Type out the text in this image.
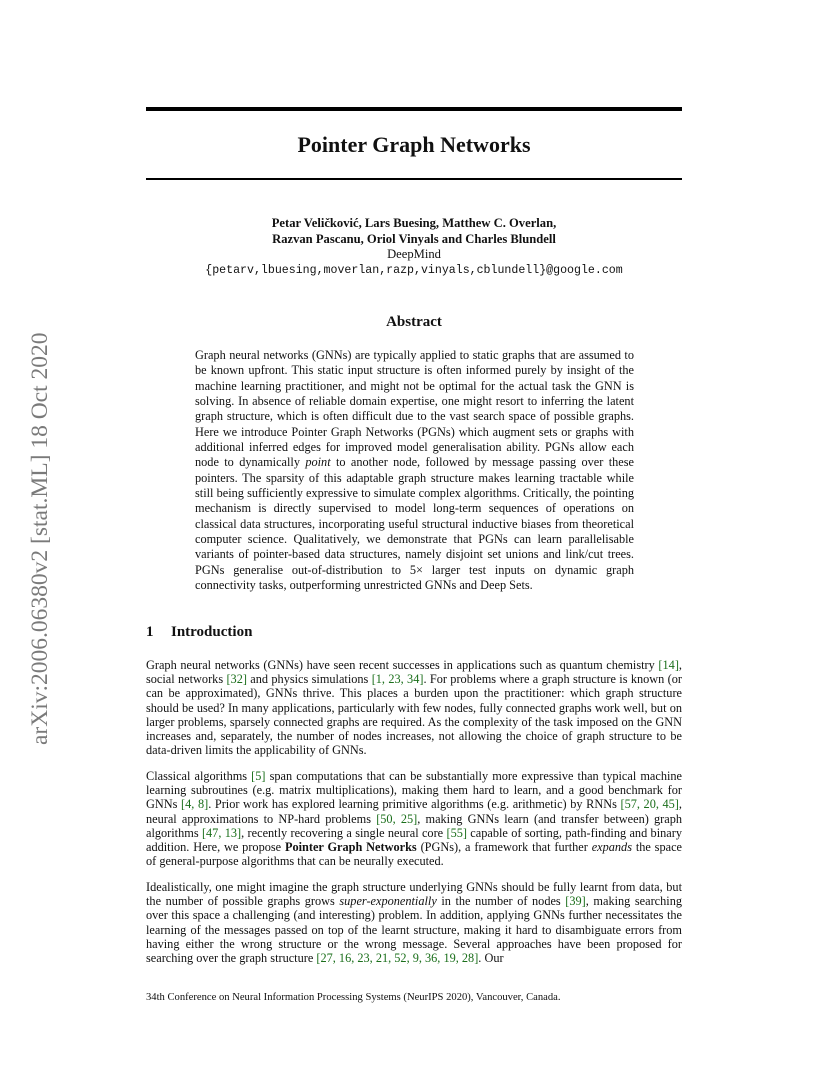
arXiv:2006.06380v2 [stat.ML] 18 Oct 2020
Pointer Graph Networks
Petar Veličković, Lars Buesing, Matthew C. Overlan,
Razvan Pascanu, Oriol Vinyals and Charles Blundell
DeepMind
{petarv,lbuesing,moverlan,razp,vinyals,cblundell}@google.com
Abstract
Graph neural networks (GNNs) are typically applied to static graphs that are assumed to be known upfront. This static input structure is often informed purely by insight of the machine learning practitioner, and might not be optimal for the actual task the GNN is solving. In absence of reliable domain expertise, one might resort to inferring the latent graph structure, which is often difficult due to the vast search space of possible graphs. Here we introduce Pointer Graph Networks (PGNs) which augment sets or graphs with additional inferred edges for improved model generalisation ability. PGNs allow each node to dynamically point to another node, followed by message passing over these pointers. The sparsity of this adaptable graph structure makes learning tractable while still being sufficiently expressive to simulate complex algorithms. Critically, the pointing mechanism is directly supervised to model long-term sequences of operations on classical data structures, incorporating useful structural inductive biases from theoretical computer science. Qualitatively, we demonstrate that PGNs can learn parallelisable variants of pointer-based data structures, namely disjoint set unions and link/cut trees. PGNs generalise out-of-distribution to 5× larger test inputs on dynamic graph connectivity tasks, outperforming unrestricted GNNs and Deep Sets.
1 Introduction
Graph neural networks (GNNs) have seen recent successes in applications such as quantum chemistry [14], social networks [32] and physics simulations [1, 23, 34]. For problems where a graph structure is known (or can be approximated), GNNs thrive. This places a burden upon the practitioner: which graph structure should be used? In many applications, particularly with few nodes, fully connected graphs work well, but on larger problems, sparsely connected graphs are required. As the complexity of the task imposed on the GNN increases and, separately, the number of nodes increases, not allowing the choice of graph structure to be data-driven limits the applicability of GNNs.
Classical algorithms [5] span computations that can be substantially more expressive than typical machine learning subroutines (e.g. matrix multiplications), making them hard to learn, and a good benchmark for GNNs [4, 8]. Prior work has explored learning primitive algorithms (e.g. arithmetic) by RNNs [57, 20, 45], neural approximations to NP-hard problems [50, 25], making GNNs learn (and transfer between) graph algorithms [47, 13], recently recovering a single neural core [55] capable of sorting, path-finding and binary addition. Here, we propose Pointer Graph Networks (PGNs), a framework that further expands the space of general-purpose algorithms that can be neurally executed.
Idealistically, one might imagine the graph structure underlying GNNs should be fully learnt from data, but the number of possible graphs grows super-exponentially in the number of nodes [39], making searching over this space a challenging (and interesting) problem. In addition, applying GNNs further necessitates the learning of the messages passed on top of the learnt structure, making it hard to disambiguate errors from having either the wrong structure or the wrong message. Several approaches have been proposed for searching over the graph structure [27, 16, 23, 21, 52, 9, 36, 19, 28]. Our
34th Conference on Neural Information Processing Systems (NeurIPS 2020), Vancouver, Canada.
